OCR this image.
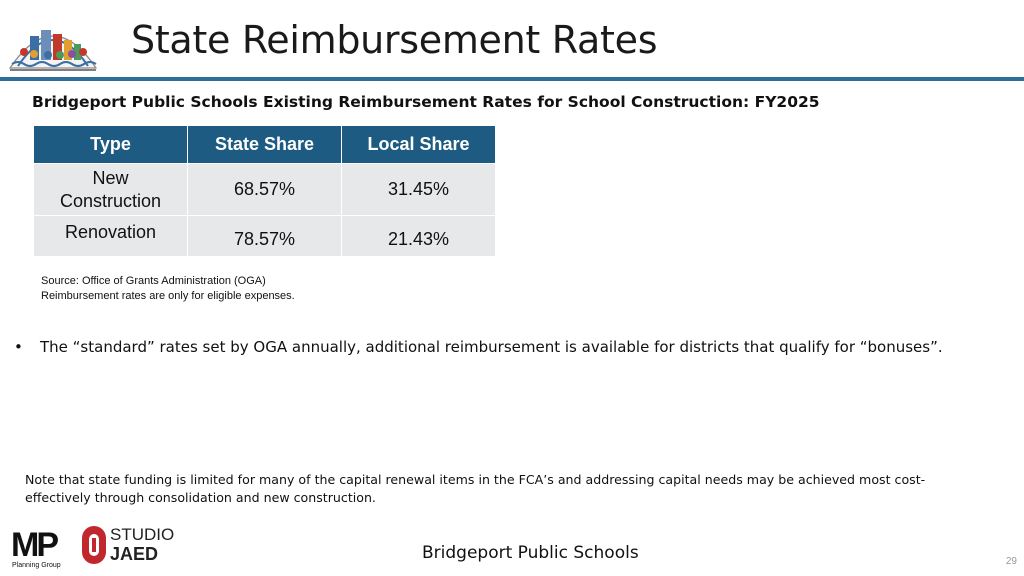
State Reimbursement Rates
Bridgeport Public Schools Existing Reimbursement Rates for School Construction: FY2025
Type	State Share	Local Share
New Construction	68.57%	31.45%
Renovation	78.57%	21.43%
Source: Office of Grants Administration (OGA)
Reimbursement rates are only for eligible expenses.
•	The “standard” rates set by OGA annually, additional reimbursement is available for districts that qualify for “bonuses”.
Note that state funding is limited for many of the capital renewal items in the FCA’s and addressing capital needs may be achieved most cost-effectively through consolidation and new construction.
MP
Planning Group
STUDIO
JAED	Bridgeport Public Schools	29
